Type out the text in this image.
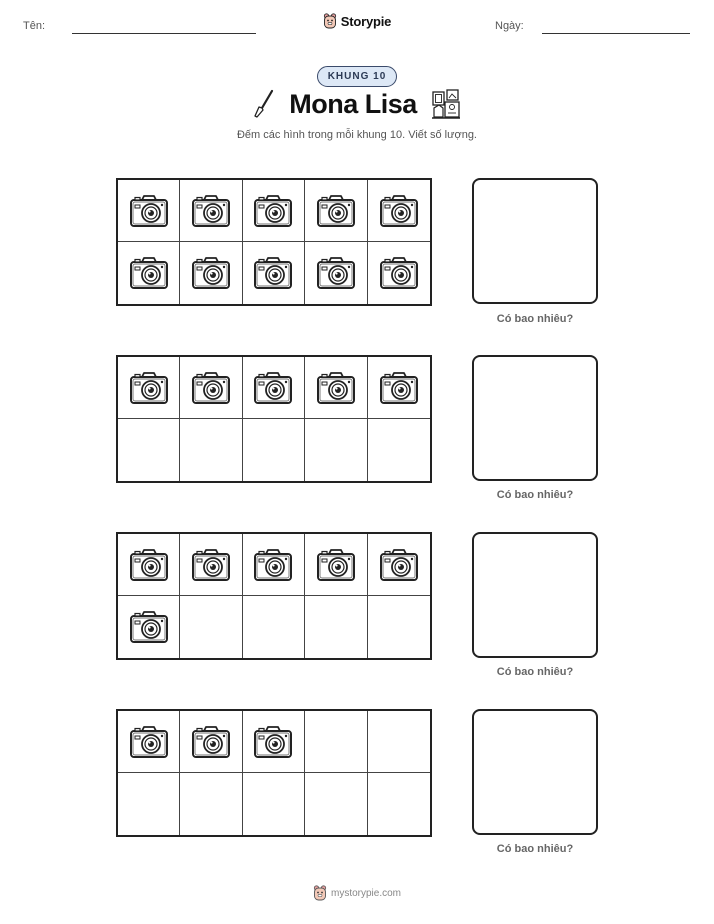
Tên:	Storypie	Ngày:
KHUNG 10
Mona Lisa
Đếm các hình trong mỗi khung 10. Viết số lượng.
Có bao nhiêu?
Có bao nhiêu?
Có bao nhiêu?
Có bao nhiêu?
mystorypie.com
